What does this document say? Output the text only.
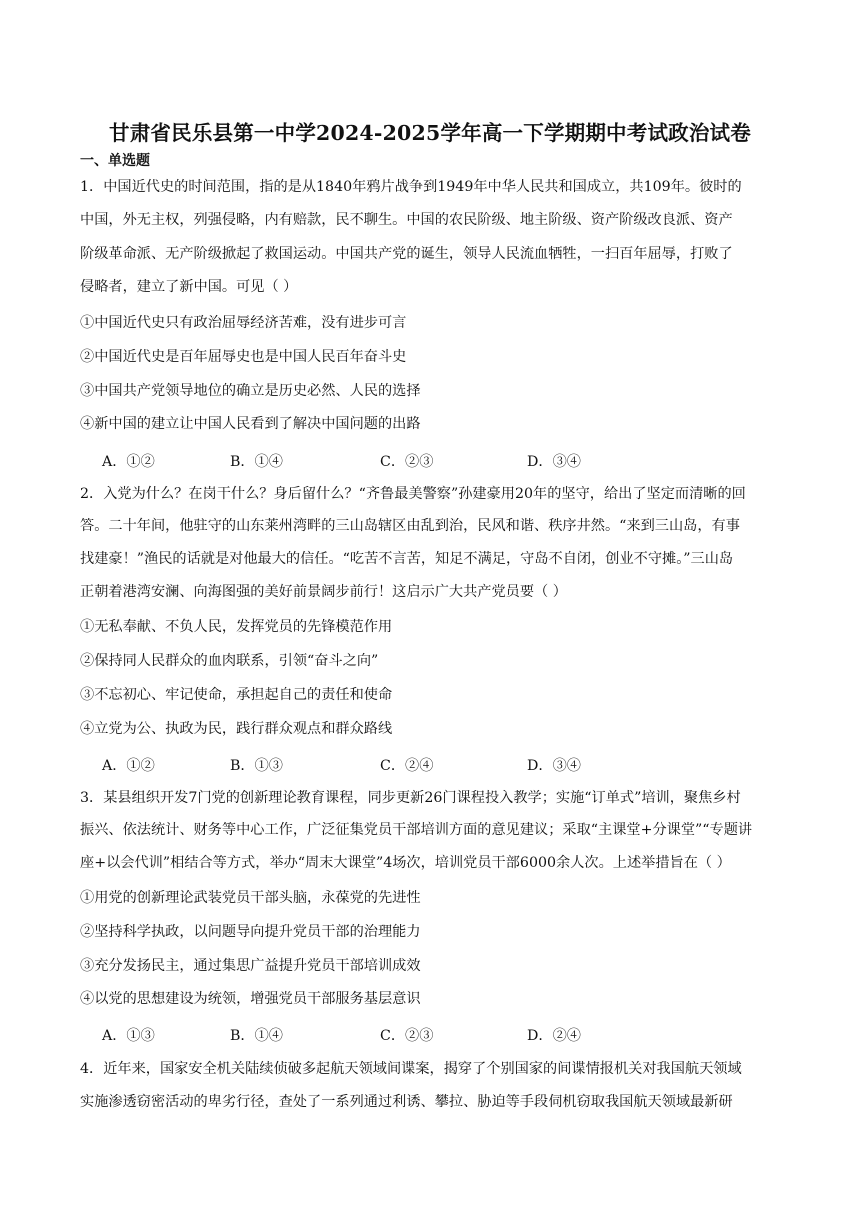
甘肃省民乐县第一中学2024-2025学年高一下学期期中考试政治试卷
一、单选题
1．中国近代史的时间范围，指的是从1840年鸦片战争到1949年中华人民共和国成立，共109年。彼时的
中国，外无主权，列强侵略，内有赔款，民不聊生。中国的农民阶级、地主阶级、资产阶级改良派、资产
阶级革命派、无产阶级掀起了救国运动。中国共产党的诞生，领导人民流血牺牲，一扫百年屈辱，打败了
侵略者，建立了新中国。可见（ ）
①中国近代史只有政治屈辱经济苦难，没有进步可言
②中国近代史是百年屈辱史也是中国人民百年奋斗史
③中国共产党领导地位的确立是历史必然、人民的选择
④新中国的建立让中国人民看到了解决中国问题的出路
A．①②	B．①④	C．②③	D．③④
2．入党为什么？在岗干什么？身后留什么？“齐鲁最美警察”孙建豪用20年的坚守，给出了坚定而清晰的回
答。二十年间，他驻守的山东莱州湾畔的三山岛辖区由乱到治，民风和谐、秩序井然。“来到三山岛，有事
找建豪！”渔民的话就是对他最大的信任。“吃苦不言苦，知足不满足，守岛不自闭，创业不守摊。”三山岛
正朝着港湾安澜、向海图强的美好前景阔步前行！这启示广大共产党员要（ ）
①无私奉献、不负人民，发挥党员的先锋模范作用
②保持同人民群众的血肉联系，引领“奋斗之向”
③不忘初心、牢记使命，承担起自己的责任和使命
④立党为公、执政为民，践行群众观点和群众路线
A．①②	B．①③	C．②④	D．③④
3．某县组织开发7门党的创新理论教育课程，同步更新26门课程投入教学；实施“订单式”培训，聚焦乡村
振兴、依法统计、财务等中心工作，广泛征集党员干部培训方面的意见建议；采取“主课堂+分课堂”“专题讲
座+以会代训”相结合等方式，举办“周末大课堂”4场次，培训党员干部6000余人次。上述举措旨在（ ）
①用党的创新理论武装党员干部头脑，永葆党的先进性
②坚持科学执政，以问题导向提升党员干部的治理能力
③充分发扬民主，通过集思广益提升党员干部培训成效
④以党的思想建设为统领，增强党员干部服务基层意识
A．①③	B．①④	C．②③	D．②④
4．近年来，国家安全机关陆续侦破多起航天领域间谍案，揭穿了个别国家的间谍情报机关对我国航天领域
实施渗透窃密活动的卑劣行径，查处了一系列通过利诱、攀拉、胁迫等手段伺机窃取我国航天领域最新研
